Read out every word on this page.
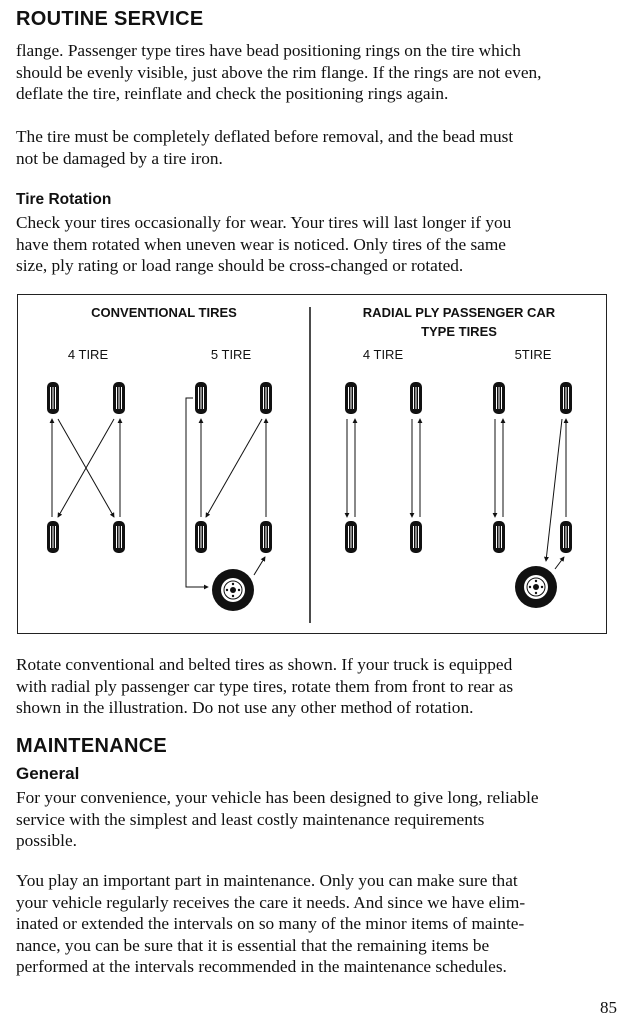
ROUTINE SERVICE

flange. Passenger type tires have bead positioning rings on the tire which
should be evenly visible, just above the rim flange. If the rings are not even,
deflate the tire, reinflate and check the positioning rings again.

The tire must be completely deflated before removal, and the bead must
not be damaged by a tire iron.

Tire Rotation

Check your tires occasionally for wear. Your tires will last longer if you
have them rotated when uneven wear is noticed. Only tires of the same
size, ply rating or load range should be cross-changed or rotated.

CONVENTIONAL TIRES	RADIAL PLY PASSENGER CAR
TYPE TIRES
4 TIRE	5 TIRE	4 TIRE	5TIRE

Rotate conventional and belted tires as shown. If your truck is equipped
with radial ply passenger car type tires, rotate them from front to rear as
shown in the illustration. Do not use any other method of rotation.

MAINTENANCE
General

For your convenience, your vehicle has been designed to give long, reliable
service with the simplest and least costly maintenance requirements
possible.

You play an important part in maintenance. Only you can make sure that
your vehicle regularly receives the care it needs. And since we have elim-
inated or extended the intervals on so many of the minor items of mainte-
nance, you can be sure that it is essential that the remaining items be
performed at the intervals recommended in the maintenance schedules.

85
